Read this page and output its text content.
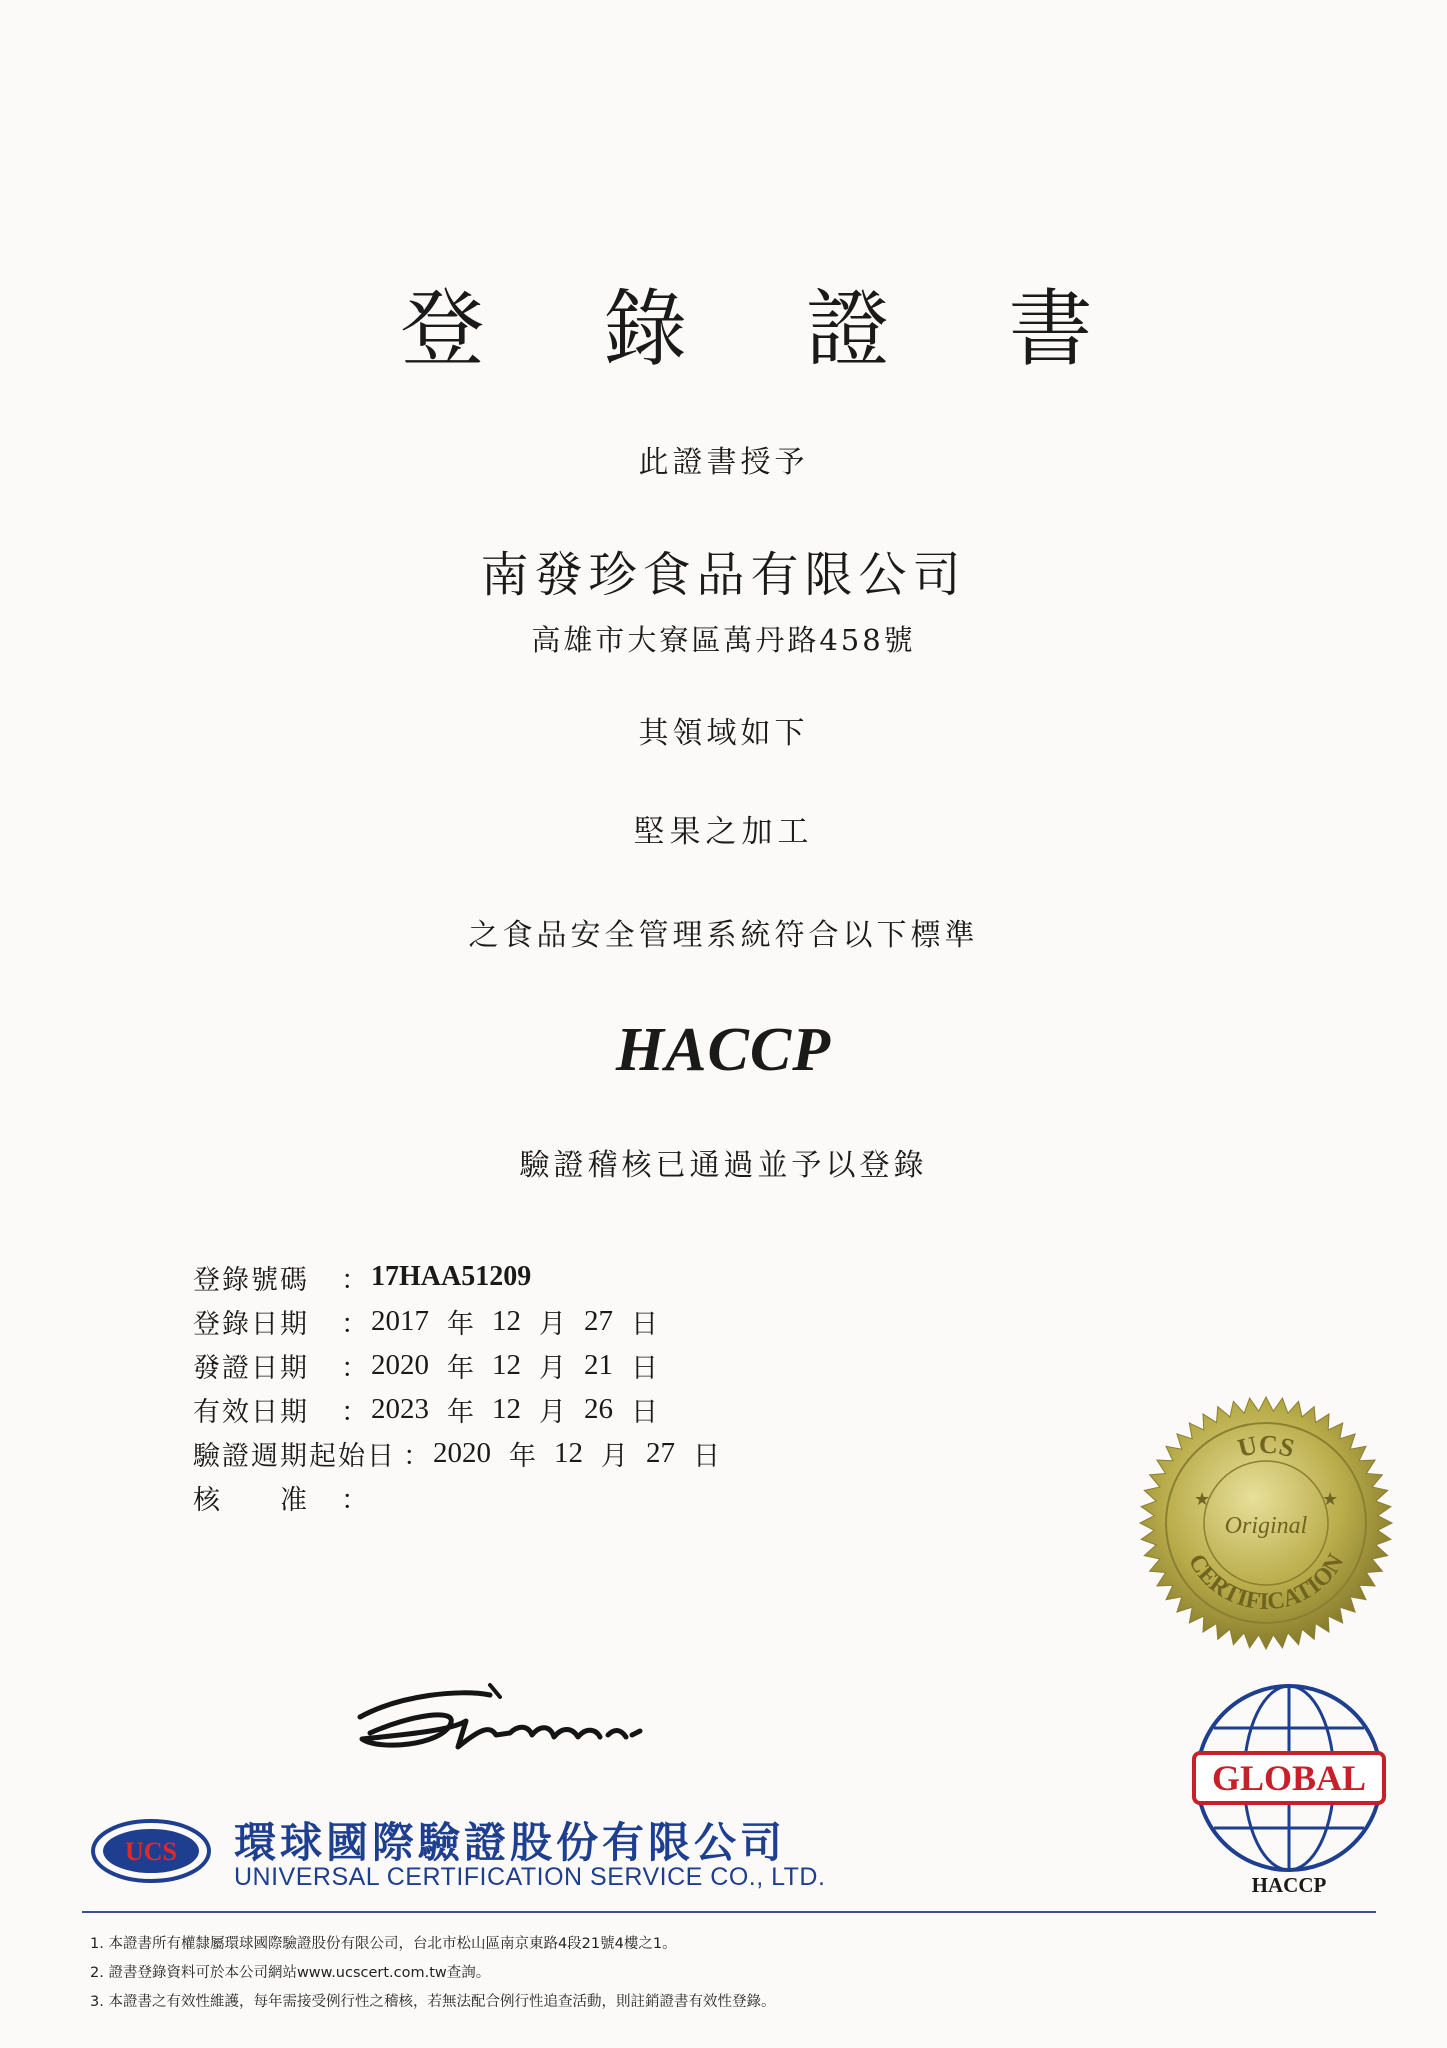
登 錄 證 書
此證書授予
南發珍食品有限公司
高雄市大寮區萬丹路458號
其領域如下
堅果之加工
之食品安全管理系統符合以下標準
HACCP
驗證稽核已通過並予以登錄
登錄號碼	： 17HAA51209
登錄日期	： 2017 年 12 月 27 日
發證日期	： 2020 年 12 月 21 日
有效日期	： 2023 年 12 月 26 日
驗證週期起始日 ： 2020 年 12 月 27 日
核　　准	：
UCS
Original
CERTIFICATION
★	★
GLOBAL
HACCP
UCS 環球國際驗證股份有限公司
UNIVERSAL CERTIFICATION SERVICE CO., LTD.
1. 本證書所有權隸屬環球國際驗證股份有限公司，台北市松山區南京東路4段21號4樓之1。
2. 證書登錄資料可於本公司網站www.ucscert.com.tw查詢。
3. 本證書之有效性維護，每年需接受例行性之稽核，若無法配合例行性追查活動，則註銷證書有效性登錄。
